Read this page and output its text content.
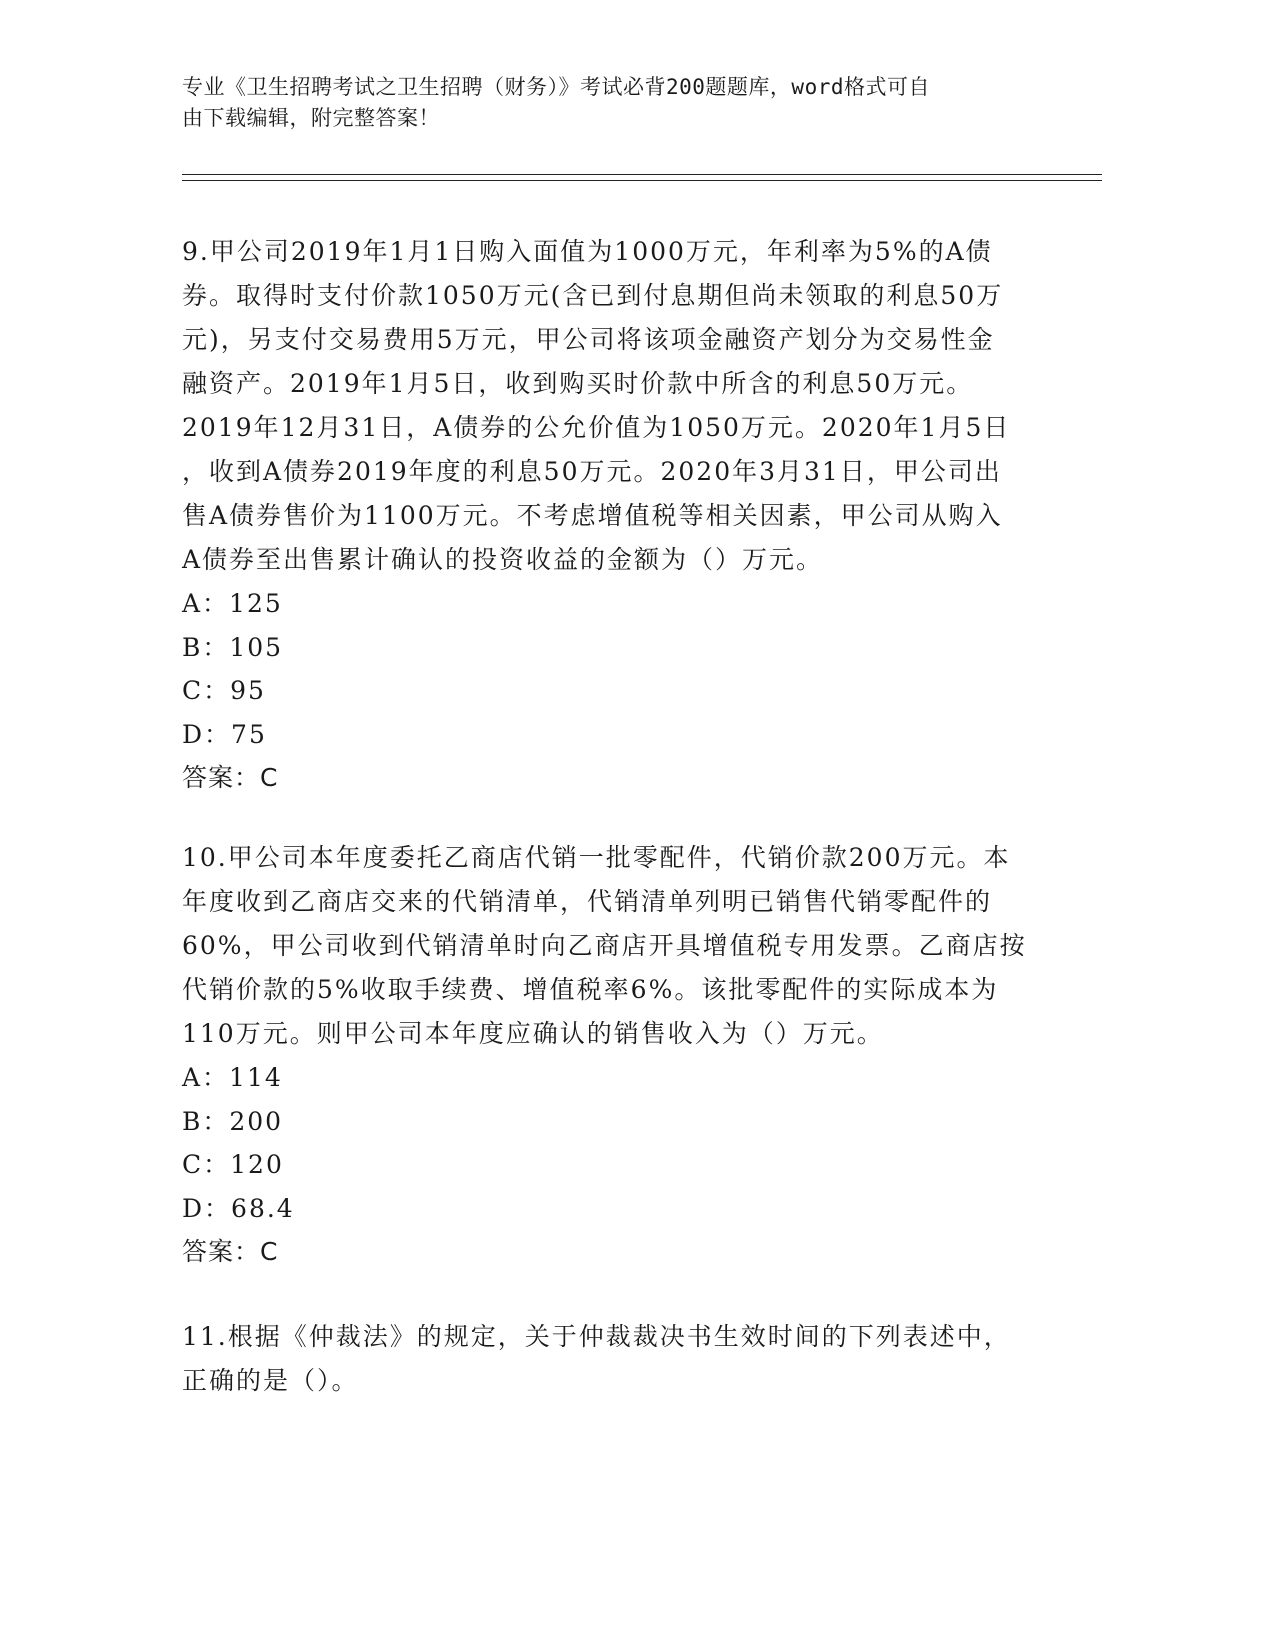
专业《卫生招聘考试之卫生招聘（财务）》考试必背200题题库，word格式可自
由下载编辑，附完整答案！

9.甲公司2019年1月1日购入面值为1000万元，年利率为5%的A债

券。取得时支付价款1050万元(含已到付息期但尚未领取的利息50万

元)，另支付交易费用5万元，甲公司将该项金融资产划分为交易性金

融资产。2019年1月5日，收到购买时价款中所含的利息50万元。

2019年12月31日，A债券的公允价值为1050万元。2020年1月5日

，收到A债券2019年度的利息50万元。2020年3月31日，甲公司出

售A债券售价为1100万元。不考虑增值税等相关因素，甲公司从购入

A债券至出售累计确认的投资收益的金额为（）万元。

A：125

B：105

C：95

D：75

答案：C

10.甲公司本年度委托乙商店代销一批零配件，代销价款200万元。本

年度收到乙商店交来的代销清单，代销清单列明已销售代销零配件的

60%，甲公司收到代销清单时向乙商店开具增值税专用发票。乙商店按

代销价款的5%收取手续费、增值税率6%。该批零配件的实际成本为

110万元。则甲公司本年度应确认的销售收入为（）万元。

A：114

B：200

C：120

D：68.4

答案：C

11.根据《仲裁法》的规定，关于仲裁裁决书生效时间的下列表述中，

正确的是（）。
